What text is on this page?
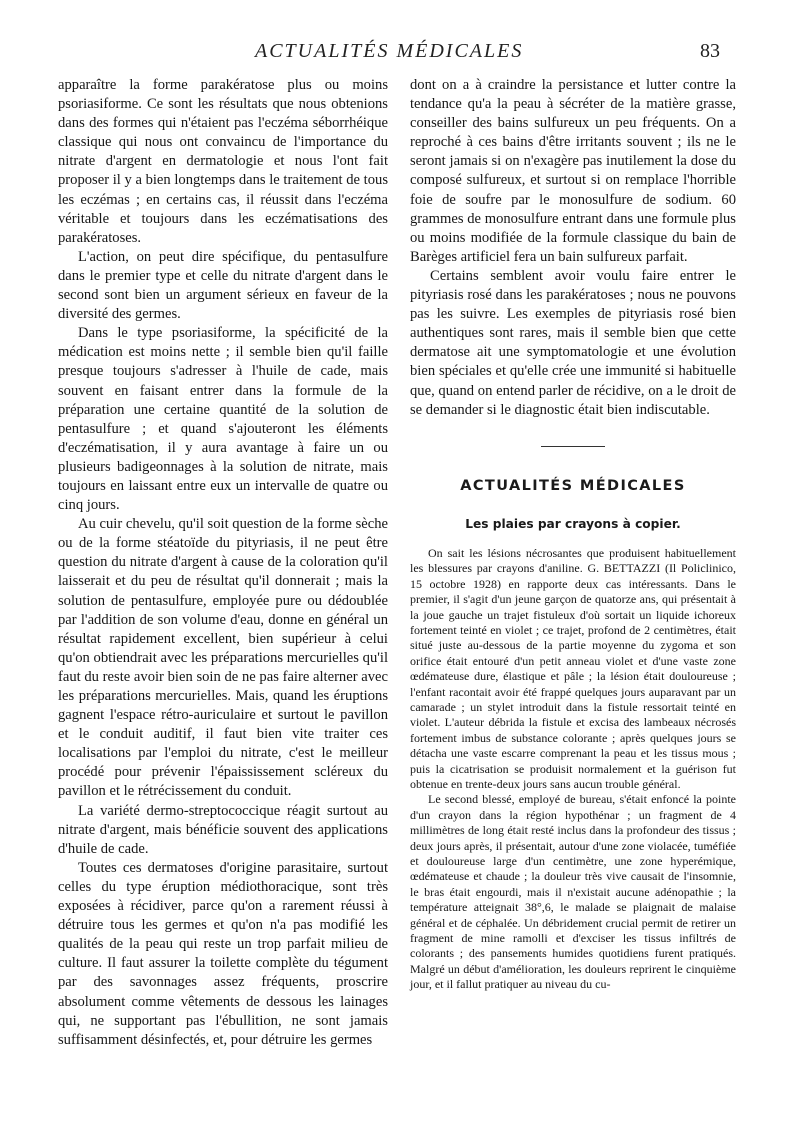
ACTUALITÉS MÉDICALES	83

apparaître la forme parakératose plus ou moins psoriasiforme. Ce sont les résultats que nous obtenions dans des formes qui n'étaient pas l'eczéma séborrhéique classique qui nous ont convaincu de l'importance du nitrate d'argent en dermatologie et nous l'ont fait proposer il y a bien longtemps dans le traitement de tous les eczémas ; en certains cas, il réussit dans l'eczéma véritable et toujours dans les eczématisations des parakératoses.

L'action, on peut dire spécifique, du pentasulfure dans le premier type et celle du nitrate d'argent dans le second sont bien un argument sérieux en faveur de la diversité des germes.

Dans le type psoriasiforme, la spécificité de la médication est moins nette ; il semble bien qu'il faille presque toujours s'adresser à l'huile de cade, mais souvent en faisant entrer dans la formule de la préparation une certaine quantité de la solution de pentasulfure ; et quand s'ajouteront les éléments d'eczématisation, il y aura avantage à faire un ou plusieurs badigeonnages à la solution de nitrate, mais toujours en laissant entre eux un intervalle de quatre ou cinq jours.

Au cuir chevelu, qu'il soit question de la forme sèche ou de la forme stéatoïde du pityriasis, il ne peut être question du nitrate d'argent à cause de la coloration qu'il laisserait et du peu de résultat qu'il donnerait ; mais la solution de pentasulfure, employée pure ou dédoublée par l'addition de son volume d'eau, donne en général un résultat rapidement excellent, bien supérieur à celui qu'on obtiendrait avec les préparations mercurielles qu'il faut du reste avoir bien soin de ne pas faire alterner avec les préparations mercurielles. Mais, quand les éruptions gagnent l'espace rétro-auriculaire et surtout le pavillon et le conduit auditif, il faut bien vite traiter ces localisations par l'emploi du nitrate, c'est le meilleur procédé pour prévenir l'épaississement scléreux du pavillon et le rétrécissement du conduit.

La variété dermo-streptococcique réagit surtout au nitrate d'argent, mais bénéficie souvent des applications d'huile de cade.

Toutes ces dermatoses d'origine parasitaire, surtout celles du type éruption médiothoracique, sont très exposées à récidiver, parce qu'on a rarement réussi à détruire tous les germes et qu'on n'a pas modifié les qualités de la peau qui reste un trop parfait milieu de culture. Il faut assurer la toilette complète du tégument par des savonnages assez fréquents, proscrire absolument comme vêtements de dessous les lainages qui, ne supportant pas l'ébullition, ne sont jamais suffisamment désinfectés, et, pour détruire les germes

dont on a à craindre la persistance et lutter contre la tendance qu'a la peau à sécréter de la matière grasse, conseiller des bains sulfureux un peu fréquents. On a reproché à ces bains d'être irritants souvent ; ils ne le seront jamais si on n'exagère pas inutilement la dose du composé sulfureux, et surtout si on remplace l'horrible foie de soufre par le monosulfure de sodium. 60 grammes de monosulfure entrant dans une formule plus ou moins modifiée de la formule classique du bain de Barèges artificiel fera un bain sulfureux parfait.

Certains semblent avoir voulu faire entrer le pityriasis rosé dans les parakératoses ; nous ne pouvons pas les suivre. Les exemples de pityriasis rosé bien authentiques sont rares, mais il semble bien que cette dermatose ait une symptomatologie et une évolution bien spéciales et qu'elle crée une immunité si habituelle que, quand on entend parler de récidive, on a le droit de se demander si le diagnostic était bien indiscutable.

ACTUALITÉS MÉDICALES
Les plaies par crayons à copier.

On sait les lésions nécrosantes que produisent habituellement les blessures par crayons d'aniline. G. BETTAZZI (Il Policlinico, 15 octobre 1928) en rapporte deux cas intéressants. Dans le premier, il s'agit d'un jeune garçon de quatorze ans, qui présentait à la joue gauche un trajet fistuleux d'où sortait un liquide ichoreux fortement teinté en violet ; ce trajet, profond de 2 centimètres, était situé juste au-dessous de la partie moyenne du zygoma et son orifice était entouré d'un petit anneau violet et d'une vaste zone œdémateuse dure, élastique et pâle ; la lésion était douloureuse ; l'enfant racontait avoir été frappé quelques jours auparavant par un camarade ; un stylet introduit dans la fistule ressortait teinté en violet. L'auteur débrida la fistule et excisa des lambeaux nécrosés fortement imbus de substance colorante ; après quelques jours se détacha une vaste escarre comprenant la peau et les tissus mous ; puis la cicatrisation se produisit normalement et la guérison fut obtenue en trente-deux jours sans aucun trouble général.

Le second blessé, employé de bureau, s'était enfoncé la pointe d'un crayon dans la région hypothénar ; un fragment de 4 millimètres de long était resté inclus dans la profondeur des tissus ; deux jours après, il présentait, autour d'une zone violacée, tuméfiée et douloureuse large d'un centimètre, une zone hyperémique, œdémateuse et chaude ; la douleur très vive causait de l'insomnie, le bras était engourdi, mais il n'existait aucune adénopathie ; la température atteignait 38°,6, le malade se plaignait de malaise général et de céphalée. Un débridement crucial permit de retirer un fragment de mine ramolli et d'exciser les tissus infiltrés de colorants ; des pansements humides quotidiens furent pratiqués. Malgré un début d'amélioration, les douleurs reprirent le cinquième jour, et il fallut pratiquer au niveau du cu-
